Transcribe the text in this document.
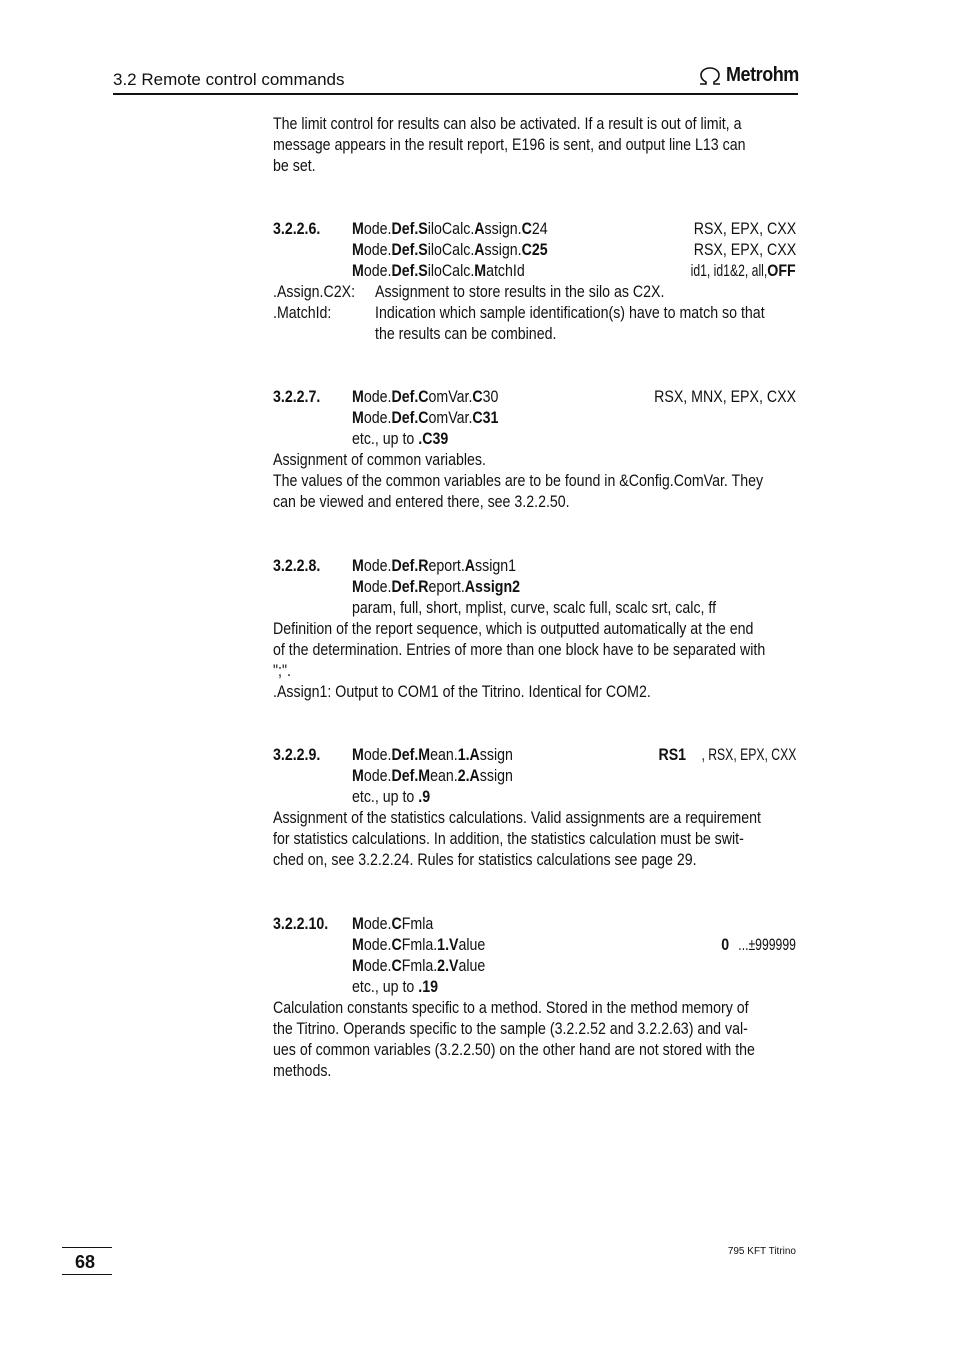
3.2 Remote control commands	Metrohm
The limit control for results can also be activated. If a result is out of limit, a
message appears in the result report, E196 is sent, and output line L13 can
be set.
3.2.2.6. Mode.Def.SiloCalc.Assign.C24	RSX, EPX, CXX
Mode.Def.SiloCalc.Assign.C25	RSX, EPX, CXX
Mode.Def.SiloCalc.MatchId	id1, id1&2, all,OFF
.Assign.C2X: Assignment to store results in the silo as C2X.
.MatchId:	Indication which sample identification(s) have to match so that
the results can be combined.
3.2.2.7. Mode.Def.ComVar.C30	RSX, MNX, EPX, CXX
Mode.Def.ComVar.C31
etc., up to .C39
Assignment of common variables.
The values of the common variables are to be found in &Config.ComVar. They
can be viewed and entered there, see 3.2.2.50.
3.2.2.8. Mode.Def.Report.Assign1
Mode.Def.Report.Assign2
param, full, short, mplist, curve, scalc full, scalc srt, calc, ff
Definition of the report sequence, which is outputted automatically at the end
of the determination. Entries of more than one block have to be separated with
";".
.Assign1: Output to COM1 of the Titrino. Identical for COM2.
3.2.2.9. Mode.Def.Mean.1.Assign	RS1 , RSX, EPX, CXX
Mode.Def.Mean.2.Assign
etc., up to .9
Assignment of the statistics calculations. Valid assignments are a requirement
for statistics calculations. In addition, the statistics calculation must be swit-
ched on, see 3.2.2.24. Rules for statistics calculations see page 29.
3.2.2.10. Mode.CFmla
Mode.CFmla.1.Value	0 ...±999999
Mode.CFmla.2.Value
etc., up to .19
Calculation constants specific to a method. Stored in the method memory of
the Titrino. Operands specific to the sample (3.2.2.52 and 3.2.2.63) and val-
ues of common variables (3.2.2.50) on the other hand are not stored with the
methods.
68
795 KFT Titrino
